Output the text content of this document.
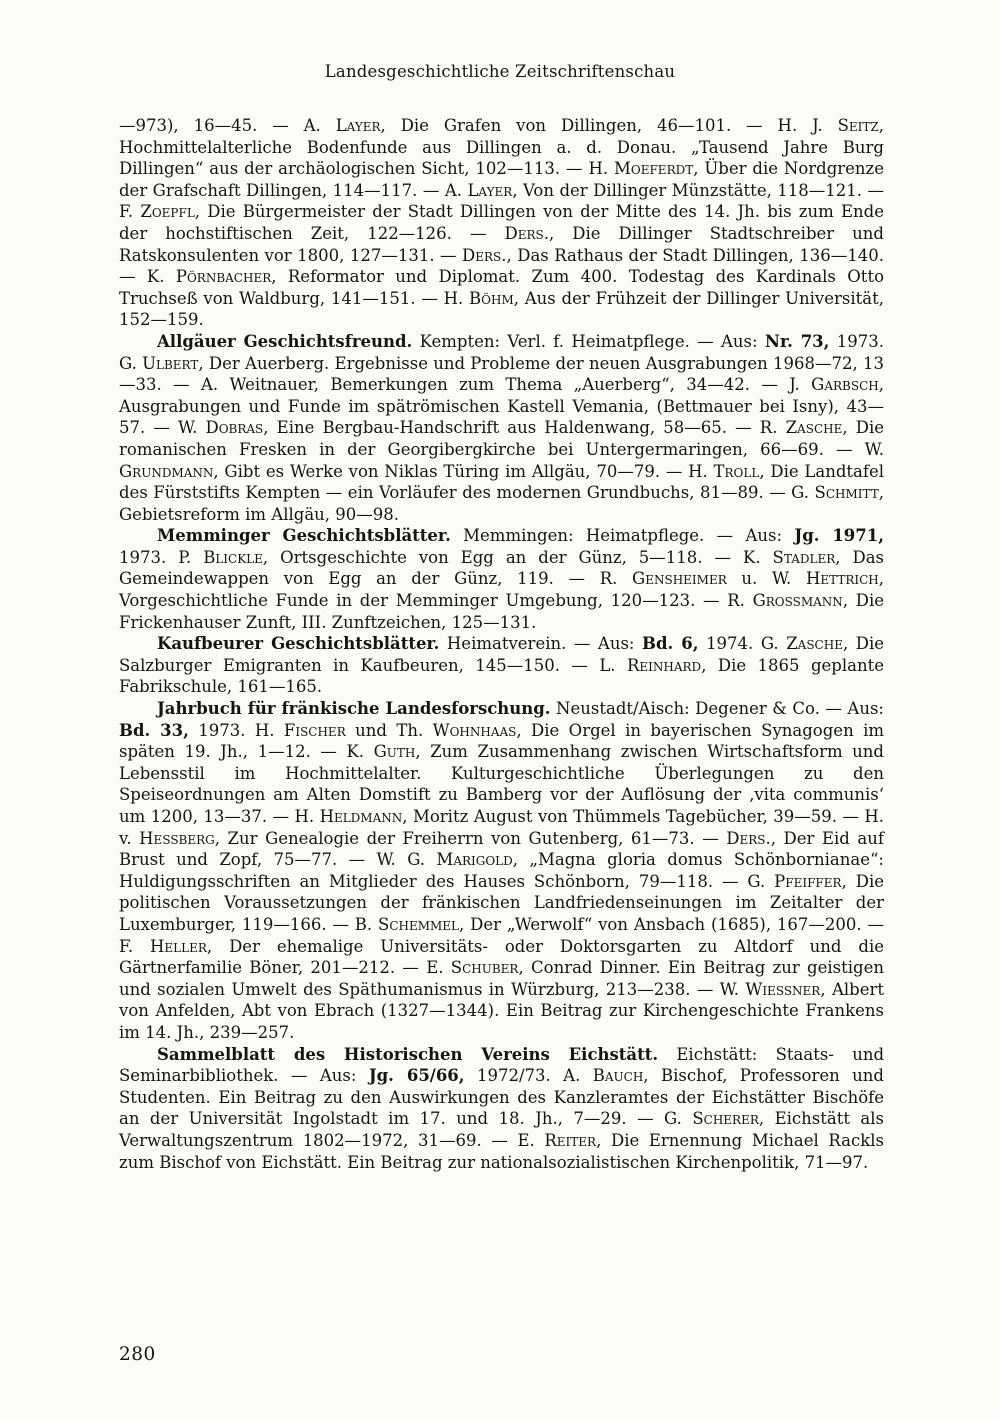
Landesgeschichtliche Zeitschriftenschau

—973), 16—45. — A. Layer, Die Grafen von Dillingen, 46—101. — H. J. Seitz, Hochmittelalterliche Bodenfunde aus Dillingen a. d. Donau. „Tausend Jahre Burg Dillingen“ aus der archäologischen Sicht, 102—113. — H. Moeferdt, Über die Nordgrenze der Grafschaft Dillingen, 114—117. — A. Layer, Von der Dillinger Münzstätte, 118—121. — F. Zoepfl, Die Bürgermeister der Stadt Dillingen von der Mitte des 14. Jh. bis zum Ende der hochstiftischen Zeit, 122—126. — Ders., Die Dillinger Stadtschreiber und Ratskonsulenten vor 1800, 127—131. — Ders., Das Rathaus der Stadt Dillingen, 136—140. — K. Pörnbacher, Reformator und Diplomat. Zum 400. Todestag des Kardinals Otto Truchseß von Waldburg, 141—151. — H. Böhm, Aus der Frühzeit der Dillinger Universität, 152—159.

Allgäuer Geschichtsfreund. Kempten: Verl. f. Heimatpflege. — Aus: Nr. 73, 1973. G. Ulbert, Der Auerberg. Ergebnisse und Probleme der neuen Ausgrabungen 1968—72, 13—33. — A. Weitnauer, Bemerkungen zum Thema „Auerberg“, 34—42. — J. Garbsch, Ausgrabungen und Funde im spätrömischen Kastell Vemania, (Bettmauer bei Isny), 43—57. — W. Dobras, Eine Bergbau-Handschrift aus Haldenwang, 58—65. — R. Zasche, Die romanischen Fresken in der Georgibergkirche bei Untergermaringen, 66—69. — W. Grundmann, Gibt es Werke von Niklas Türing im Allgäu, 70—79. — H. Troll, Die Landtafel des Fürststifts Kempten — ein Vorläufer des modernen Grundbuchs, 81—89. — G. Schmitt, Gebietsreform im Allgäu, 90—98.

Memminger Geschichtsblätter. Memmingen: Heimatpflege. — Aus: Jg. 1971, 1973. P. Blickle, Ortsgeschichte von Egg an der Günz, 5—118. — K. Stadler, Das Gemeindewappen von Egg an der Günz, 119. — R. Gensheimer u. W. Hettrich, Vorgeschichtliche Funde in der Memminger Umgebung, 120—123. — R. Grossmann, Die Frickenhauser Zunft, III. Zunftzeichen, 125—131.

Kaufbeurer Geschichtsblätter. Heimatverein. — Aus: Bd. 6, 1974. G. Zasche, Die Salzburger Emigranten in Kaufbeuren, 145—150. — L. Reinhard, Die 1865 geplante Fabrikschule, 161—165.

Jahrbuch für fränkische Landesforschung. Neustadt/Aisch: Degener & Co. — Aus: Bd. 33, 1973. H. Fischer und Th. Wohnhaas, Die Orgel in bayerischen Synagogen im späten 19. Jh., 1—12. — K. Guth, Zum Zusammenhang zwischen Wirtschaftsform und Lebensstil im Hochmittelalter. Kulturgeschichtliche Überlegungen zu den Speiseordnungen am Alten Domstift zu Bamberg vor der Auflösung der ‚vita communis‘ um 1200, 13—37. — H. Heldmann, Moritz August von Thümmels Tagebücher, 39—59. — H. v. Hessberg, Zur Genealogie der Freiherrn von Gutenberg, 61—73. — Ders., Der Eid auf Brust und Zopf, 75—77. — W. G. Marigold, „Magna gloria domus Schönbornianae“: Huldigungsschriften an Mitglieder des Hauses Schönborn, 79—118. — G. Pfeiffer, Die politischen Voraussetzungen der fränkischen Landfriedenseinungen im Zeitalter der Luxemburger, 119—166. — B. Schemmel, Der „Werwolf“ von Ansbach (1685), 167—200. — F. Heller, Der ehemalige Universitäts- oder Doktorsgarten zu Altdorf und die Gärtnerfamilie Böner, 201—212. — E. Schuber, Conrad Dinner. Ein Beitrag zur geistigen und sozialen Umwelt des Späthumanismus in Würzburg, 213—238. — W. Wiessner, Albert von Anfelden, Abt von Ebrach (1327—1344). Ein Beitrag zur Kirchengeschichte Frankens im 14. Jh., 239—257.

Sammelblatt des Historischen Vereins Eichstätt. Eichstätt: Staats- und Seminarbibliothek. — Aus: Jg. 65/66, 1972/73. A. Bauch, Bischof, Professoren und Studenten. Ein Beitrag zu den Auswirkungen des Kanzleramtes der Eichstätter Bischöfe an der Universität Ingolstadt im 17. und 18. Jh., 7—29. — G. Scherer, Eichstätt als Verwaltungszentrum 1802—1972, 31—69. — E. Reiter, Die Ernennung Michael Rackls zum Bischof von Eichstätt. Ein Beitrag zur nationalsozialistischen Kirchenpolitik, 71—97.

280
